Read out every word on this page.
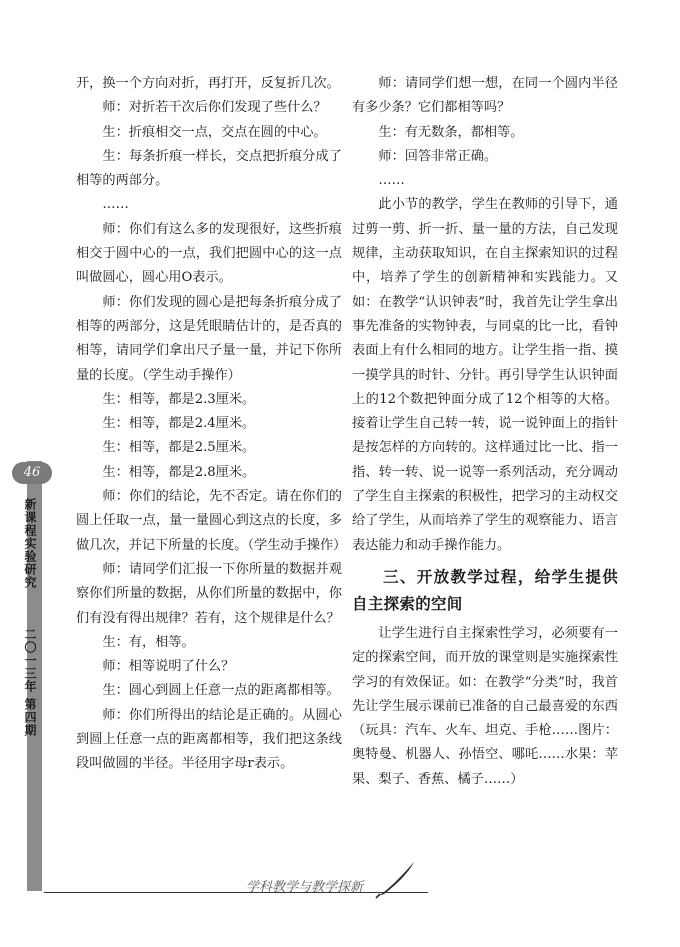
46
新课程实验研究
二〇一三年 第四期

开，换一个方向对折，再打开，反复折几次。

师：对折若干次后你们发现了些什么？

生：折痕相交一点，交点在圆的中心。

生：每条折痕一样长，交点把折痕分成了相等的两部分。

……

师：你们有这么多的发现很好，这些折痕相交于圆中心的一点，我们把圆中心的这一点叫做圆心，圆心用O表示。

师：你们发现的圆心是把每条折痕分成了相等的两部分，这是凭眼睛估计的，是否真的相等，请同学们拿出尺子量一量，并记下你所量的长度。（学生动手操作）

生：相等，都是2.3厘米。

生：相等，都是2.4厘米。

生：相等，都是2.5厘米。

生：相等，都是2.8厘米。

师：你们的结论，先不否定。请在你们的圆上任取一点，量一量圆心到这点的长度，多做几次，并记下所量的长度。（学生动手操作）

师：请同学们汇报一下你所量的数据并观察你们所量的数据，从你们所量的数据中，你们有没有得出规律？若有，这个规律是什么？

生：有，相等。

师：相等说明了什么？

生：圆心到圆上任意一点的距离都相等。

师：你们所得出的结论是正确的。从圆心到圆上任意一点的距离都相等，我们把这条线段叫做圆的半径。半径用字母r表示。

师：请同学们想一想，在同一个圆内半径有多少条？它们都相等吗？

生：有无数条，都相等。

师：回答非常正确。

……

此小节的教学，学生在教师的引导下，通过剪一剪、折一折、量一量的方法，自己发现规律，主动获取知识，在自主探索知识的过程中，培养了学生的创新精神和实践能力。又如：在教学“认识钟表”时，我首先让学生拿出事先准备的实物钟表，与同桌的比一比，看钟表面上有什么相同的地方。让学生指一指、摸一摸学具的时针、分针。再引导学生认识钟面上的12个数把钟面分成了12个相等的大格。接着让学生自己转一转，说一说钟面上的指针是按怎样的方向转的。这样通过比一比、指一指、转一转、说一说等一系列活动，充分调动了学生自主探索的积极性，把学习的主动权交给了学生，从而培养了学生的观察能力、语言表达能力和动手操作能力。

三、开放教学过程，给学生提供自主探索的空间

让学生进行自主探索性学习，必须要有一定的探索空间，而开放的课堂则是实施探索性学习的有效保证。如：在教学“分类”时，我首先让学生展示课前已准备的自己最喜爱的东西（玩具：汽车、火车、坦克、手枪……图片：奥特曼、机器人、孙悟空、哪吒……水果：苹果、梨子、香蕉、橘子……）

学科教学与教学探新
